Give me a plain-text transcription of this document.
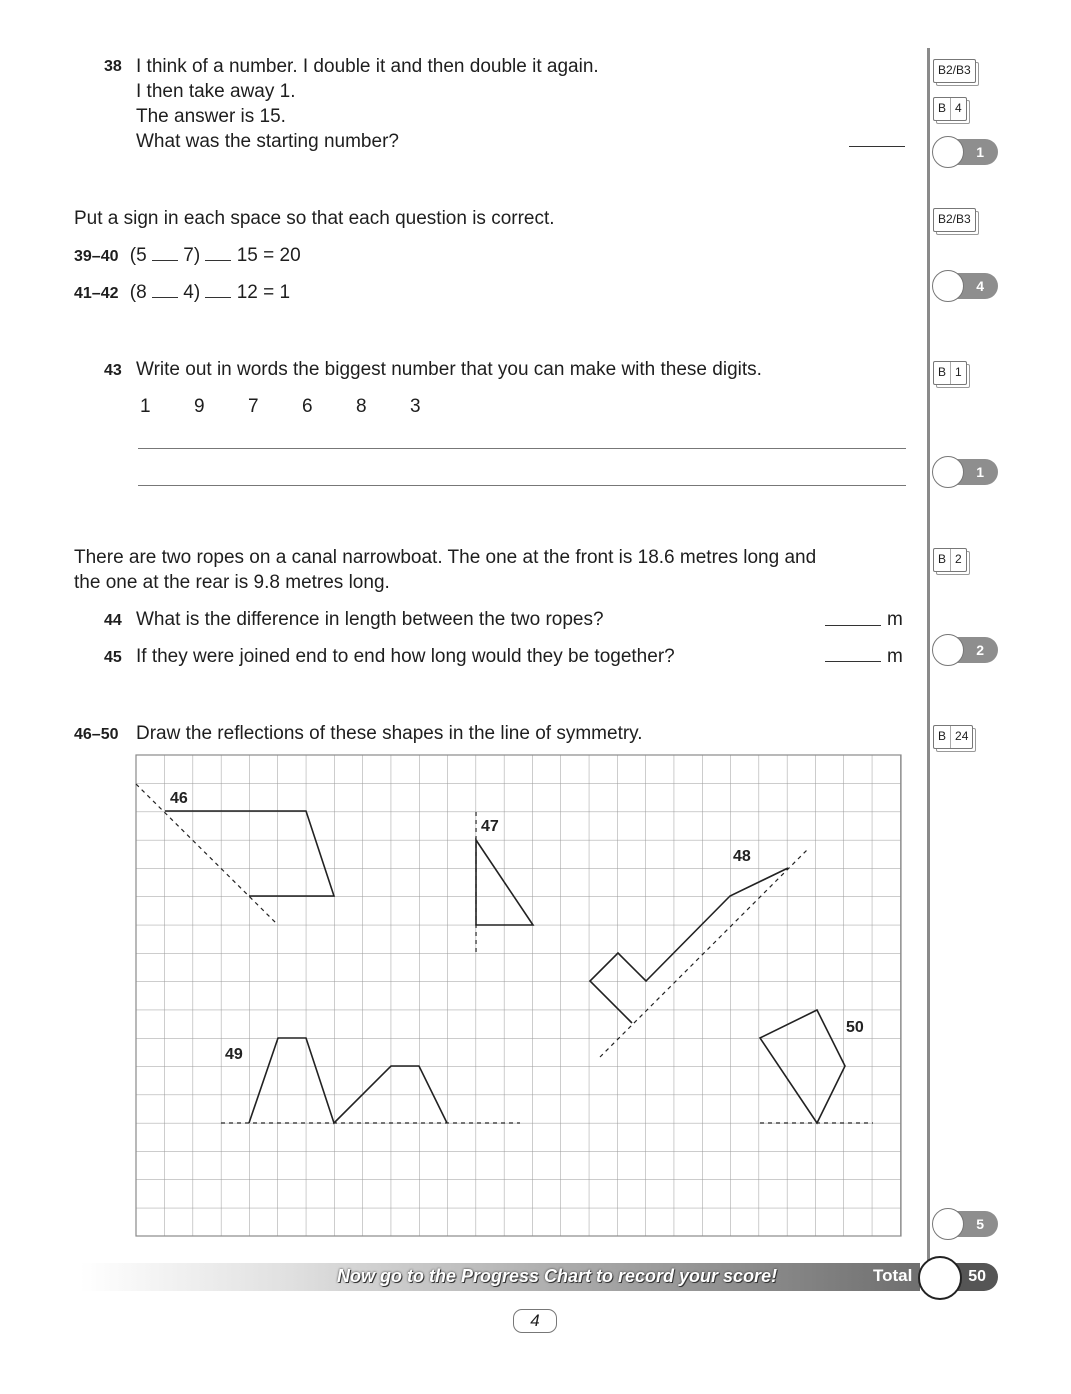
38 I think of a number. I double it and then double it again.
I then take away 1.
The answer is 15.
What was the starting number?
Put a sign in each space so that each question is correct.
39–40 (5 7) 15 = 20
41–42 (8 4) 12 = 1
43 Write out in words the biggest number that you can make with these digits.
1 9 7 6 8 3
There are two ropes on a canal narrowboat. The one at the front is 18.6 metres long and
the one at the rear is 9.8 metres long.
44 What is the difference in length between the two ropes?	m
45 If they were joined end to end how long would they be together?	m
46–50 Draw the reflections of these shapes in the line of symmetry.
46
47
48
49
50
B2/B3
B 4
B2/B3
B 1
B 2
B 24
1
4
1
2
5
Now go to the Progress Chart to record your score!	Total	50
4
